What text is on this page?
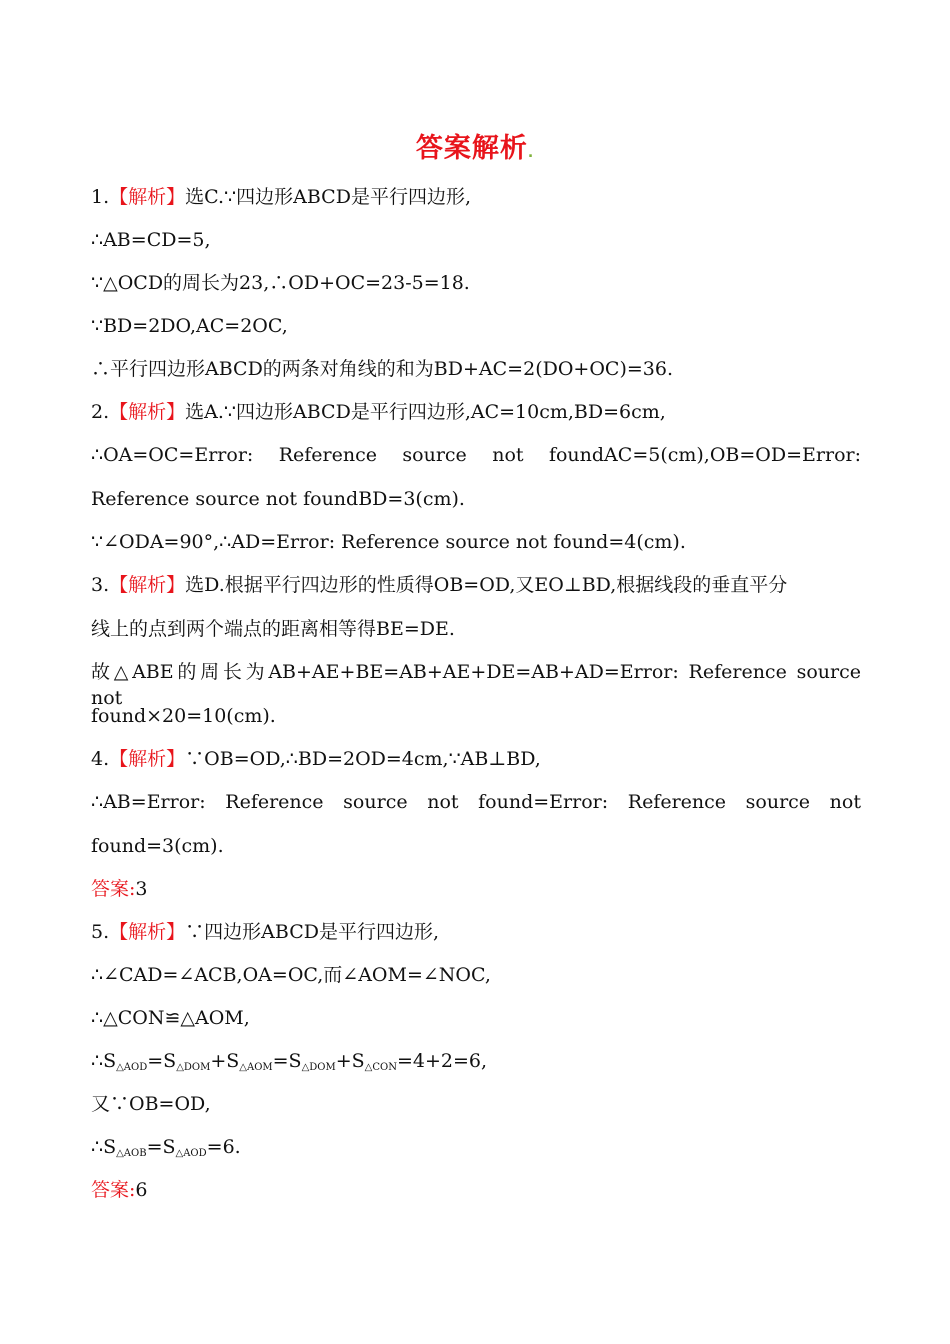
答案解析.
1.【解析】选C.∵四边形ABCD是平行四边形,
∴AB=CD=5,
∵△OCD的周长为23,∴OD+OC=23-5=18.
∵BD=2DO,AC=2OC,
∴平行四边形ABCD的两条对角线的和为BD+AC=2(DO+OC)=36.
2.【解析】选A.∵四边形ABCD是平行四边形,AC=10cm,BD=6cm,
∴OA=OC=Error: Reference source not foundAC=5(cm),OB=OD=Error:
Reference source not foundBD=3(cm).
∵∠ODA=90°,∴AD=Error: Reference source not found=4(cm).
3.【解析】选D.根据平行四边形的性质得OB=OD,又EO⊥BD,根据线段的垂直平分
线上的点到两个端点的距离相等得BE=DE.
故△ABE的周长为AB+AE+BE=AB+AE+DE=AB+AD=Error: Reference source not
found×20=10(cm).
4.【解析】∵OB=OD,∴BD=2OD=4cm,∵AB⊥BD,
∴AB=Error: Reference source not found=Error: Reference source not
found=3(cm).
答案:3
5.【解析】∵四边形ABCD是平行四边形,
∴∠CAD=∠ACB,OA=OC,而∠AOM=∠NOC,
∴△CON≌△AOM,
$\therefore S_{\triangle AOD}=S_{\triangle DOM}+S_{\triangle AOM}=S_{\triangle DOM}+S_{\triangle CON}=4+2=6$,
又∵OB=OD,
$\therefore S_{\triangle AOB}=S_{\triangle AOD}=6$.
答案:6
